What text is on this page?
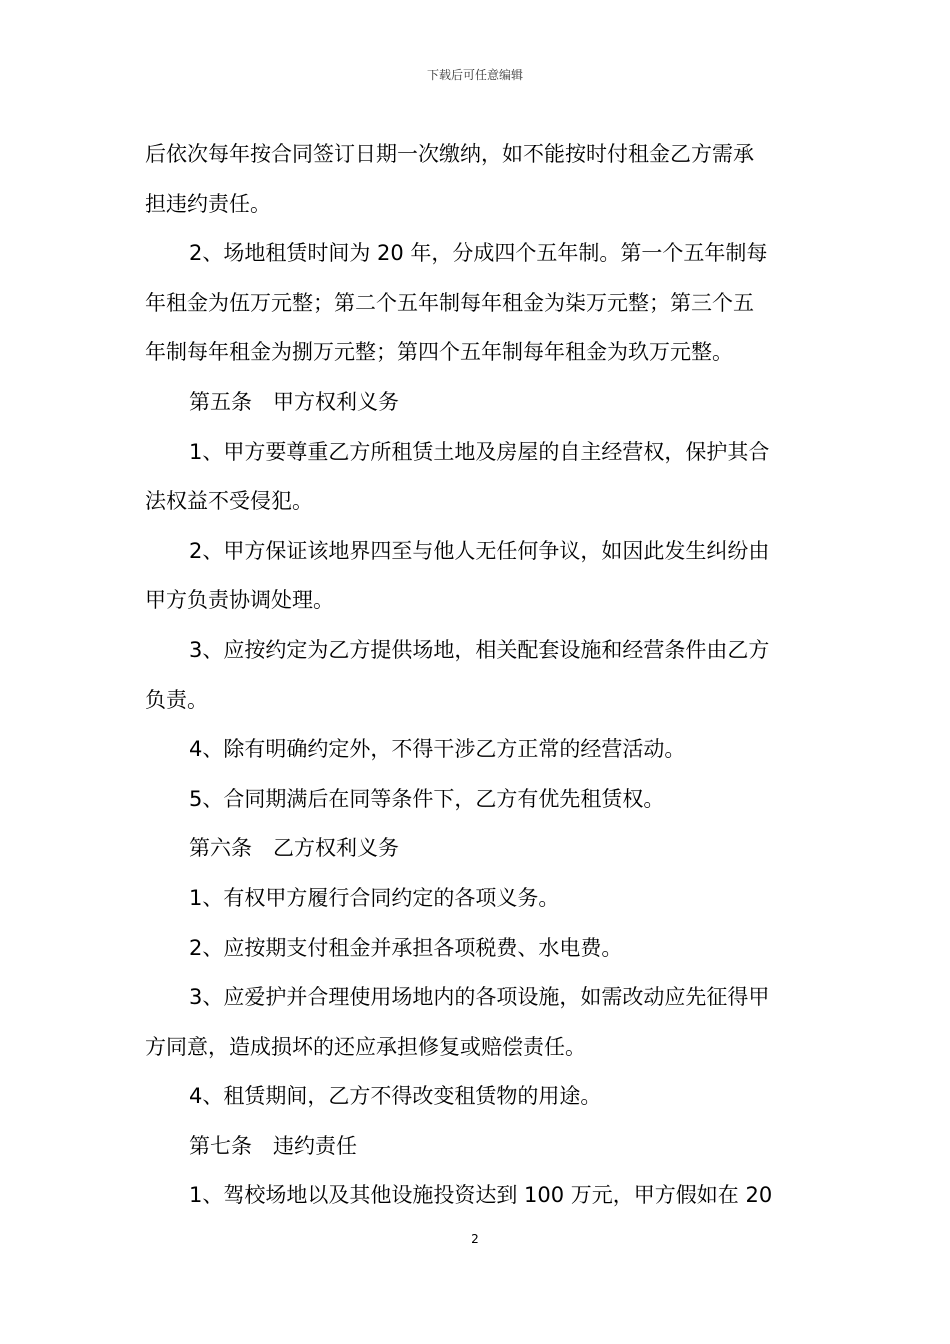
下载后可任意编辑
后依次每年按合同签订日期一次缴纳，如不能按时付租金乙方需承
担违约责任。
2、场地租赁时间为 20 年，分成四个五年制。第一个五年制每
年租金为伍万元整；第二个五年制每年租金为柒万元整；第三个五
年制每年租金为捌万元整；第四个五年制每年租金为玖万元整。
第五条　甲方权利义务
1、甲方要尊重乙方所租赁土地及房屋的自主经营权，保护其合
法权益不受侵犯。
2、甲方保证该地界四至与他人无任何争议，如因此发生纠纷由
甲方负责协调处理。
3、应按约定为乙方提供场地，相关配套设施和经营条件由乙方
负责。
4、除有明确约定外，不得干涉乙方正常的经营活动。
5、合同期满后在同等条件下，乙方有优先租赁权。
第六条　乙方权利义务
1、有权甲方履行合同约定的各项义务。
2、应按期支付租金并承担各项税费、水电费。
3、应爱护并合理使用场地内的各项设施，如需改动应先征得甲
方同意，造成损坏的还应承担修复或赔偿责任。
4、租赁期间，乙方不得改变租赁物的用途。
第七条　违约责任
1、驾校场地以及其他设施投资达到 100 万元，甲方假如在 20
2
